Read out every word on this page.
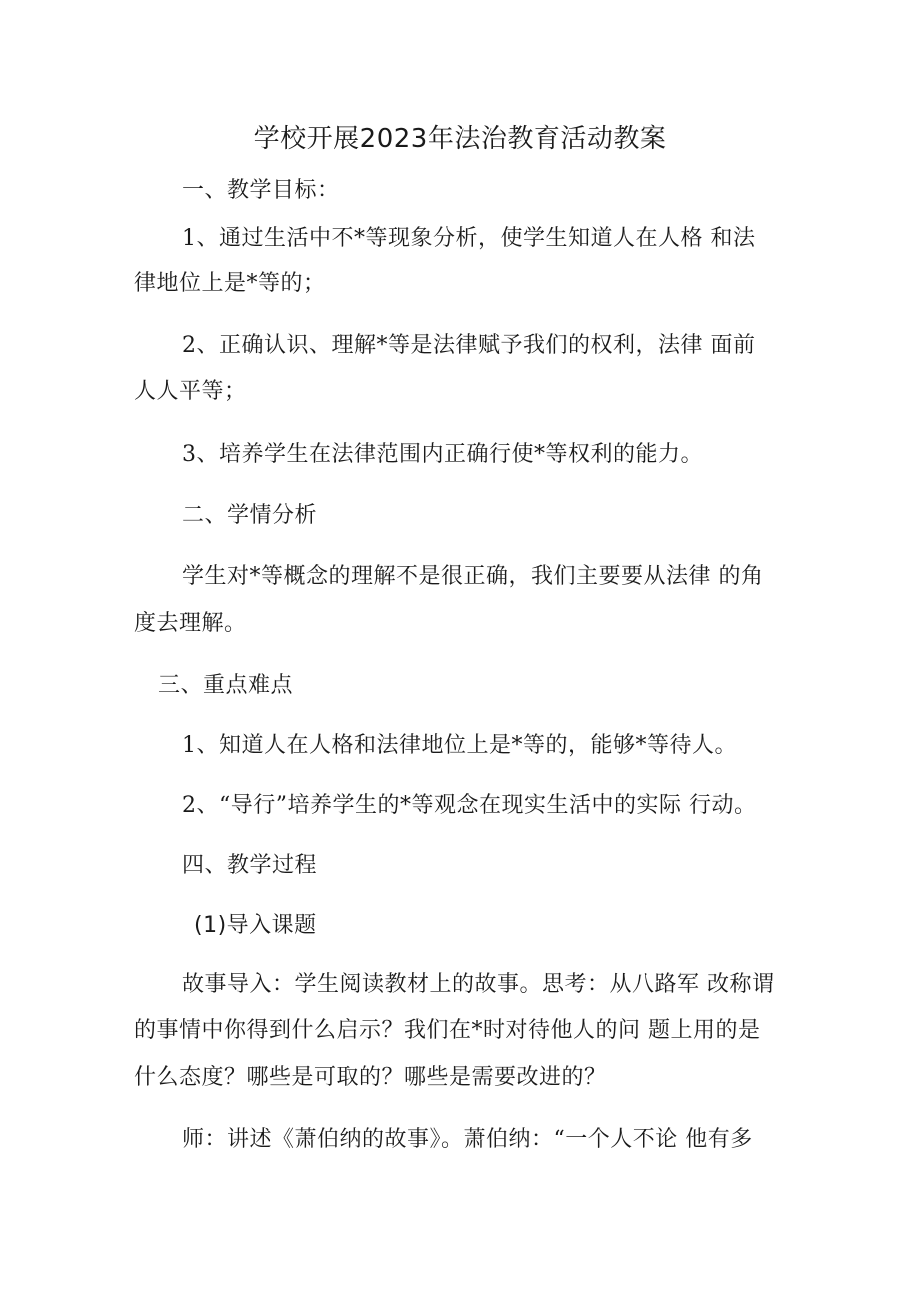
学校开展2023年法治教育活动教案
一、教学目标：
1、通过生活中不*等现象分析，使学生知道人在人格 和法
律地位上是*等的；
2、正确认识、理解*等是法律赋予我们的权利，法律 面前
人人平等；
3、培养学生在法律范围内正确行使*等权利的能力。
二、学情分析
学生对*等概念的理解不是很正确，我们主要要从法律 的角
度去理解。
三、重点难点
1、知道人在人格和法律地位上是*等的，能够*等待人。
2、“导行”培养学生的*等观念在现实生活中的实际 行动。
四、教学过程
(1)导入课题
故事导入：学生阅读教材上的故事。思考：从八路军 改称谓
的事情中你得到什么启示？我们在*时对待他人的问 题上用的是
什么态度？哪些是可取的？哪些是需要改进的？
师：讲述《萧伯纳的故事》。萧伯纳：“一个人不论 他有多
